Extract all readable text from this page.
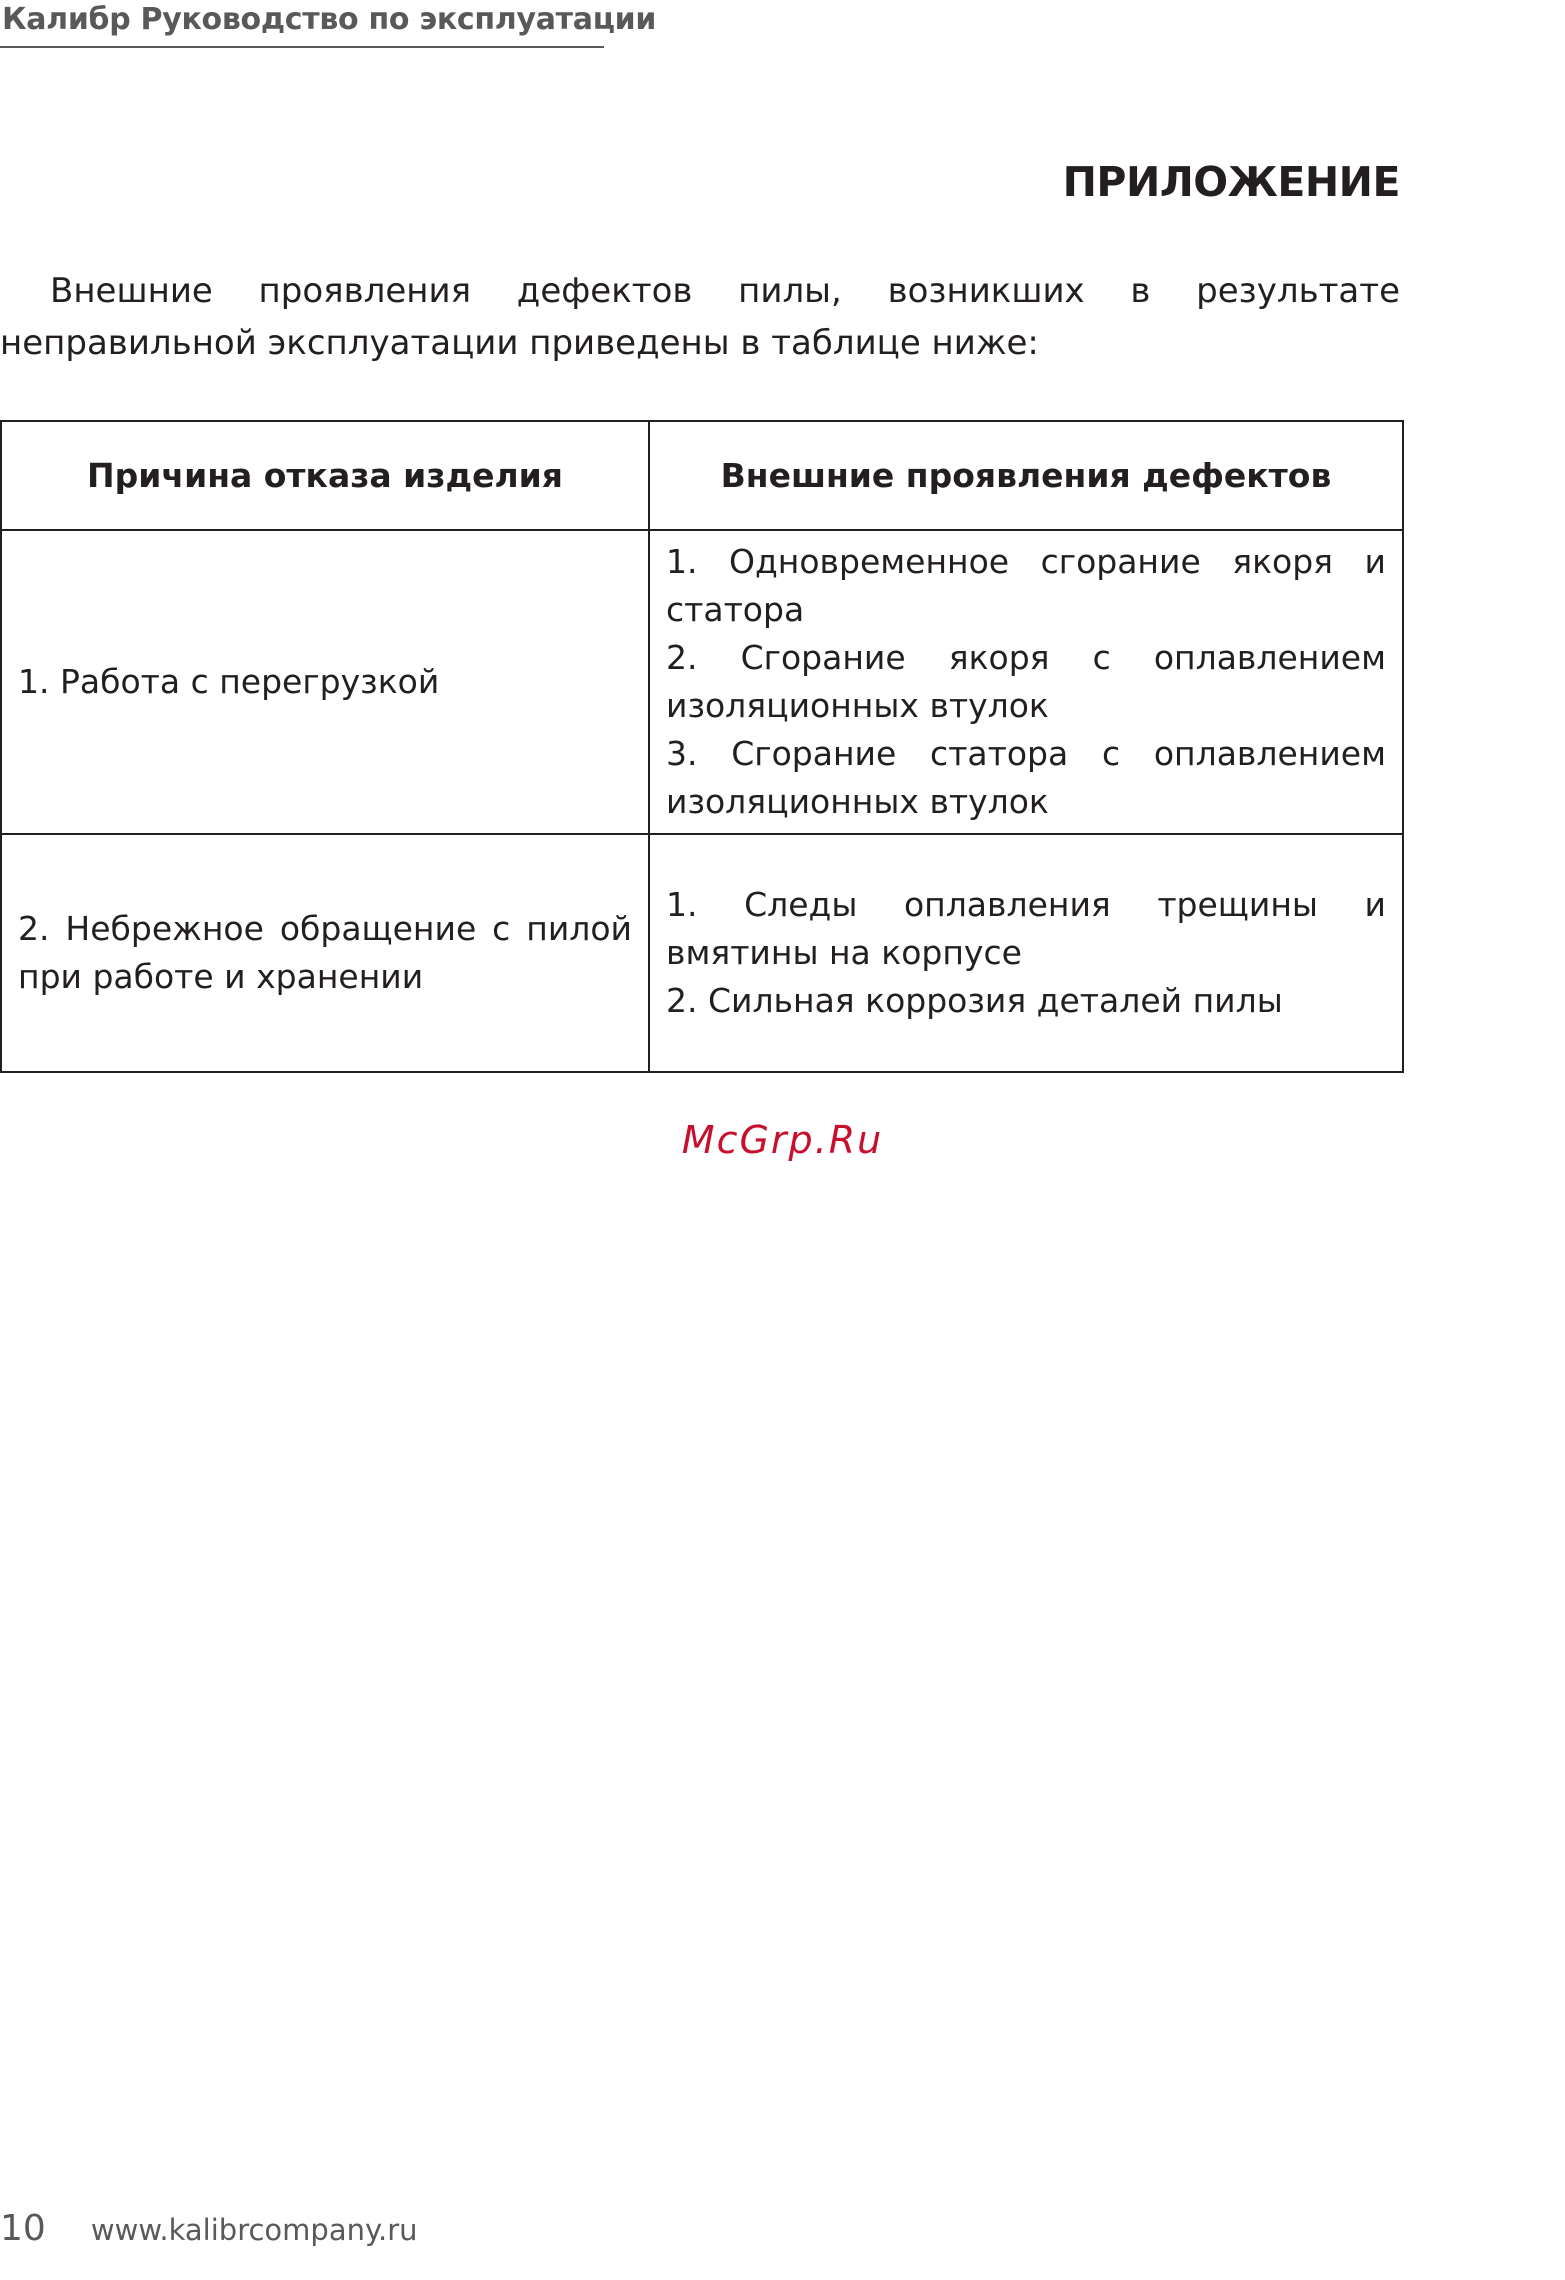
Калибр Руководство по эксплуатации
ПРИЛОЖЕНИЕ

Внешние проявления дефектов пилы, возникших в результате неправильной эксплуатации приведены в таблице ниже:

Причина отказа изделия	Внешние проявления дефектов
1. Работа с перегрузкой	1. Одновременное сгорание якоря и статора
2. Сгорание якоря с оплавлением изоляционных втулок
3. Сгорание статора с оплавлением изоляционных втулок

2. Небрежное обращение с пилой при работе и хранении	1. Следы оплавления трещины и вмятины на корпусе
2. Сильная коррозия деталей пилы
McGrp.Ru
10 www.kalibrcompany.ru
